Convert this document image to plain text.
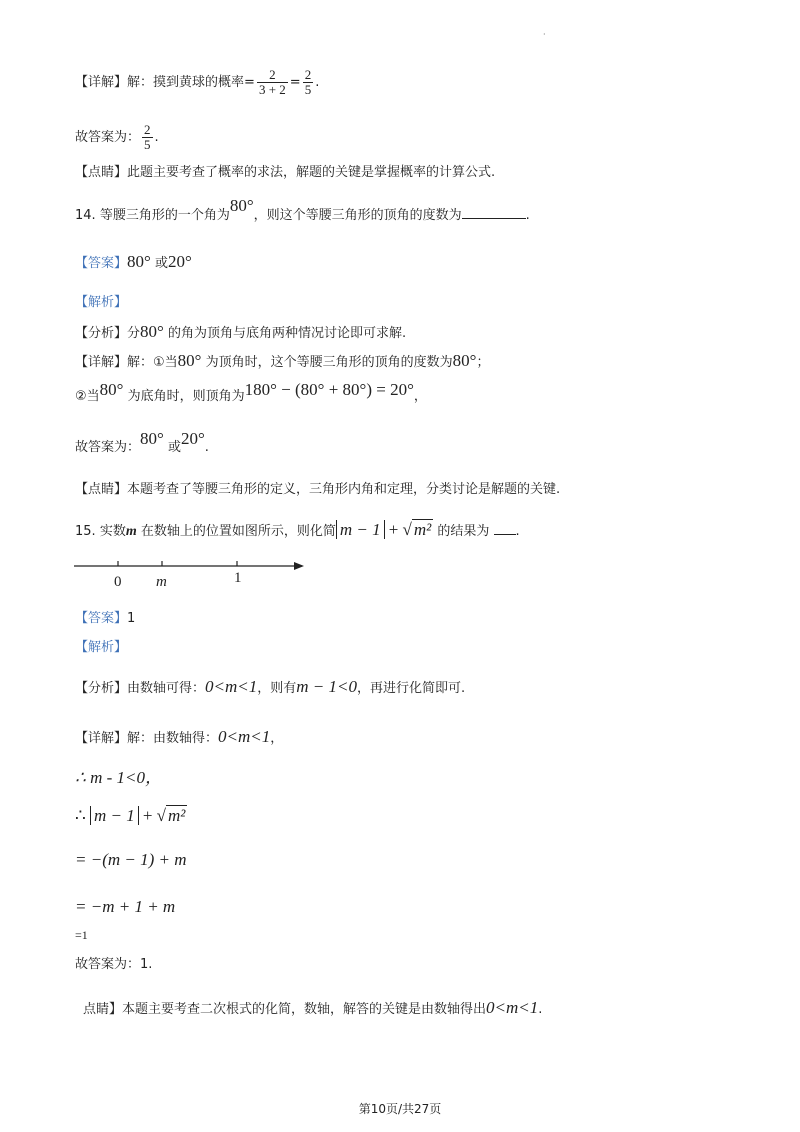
·
【详解】解：摸到黄球的概率= $\frac{2}{3 + 2} = \frac{2}{5}$ .
故答案为： $\frac{2}{5}$ .
【点睛】此题主要考查了概率的求法，解题的关键是掌握概率的计算公式.
14. 等腰三角形的一个角为80°，则这个等腰三角形的顶角的度数为	.
【答案】80° 或20°
【解析】
【分析】分80° 的角为顶角与底角两种情况讨论即可求解.
【详解】解：①当80° 为顶角时，这个等腰三角形的顶角的度数为80°；
②当80° 为底角时，则顶角为180° − (80° + 80°) = 20°，
故答案为：80° 或20°.
【点睛】本题考查了等腰三角形的定义，三角形内角和定理，分类讨论是解题的关键.
15. 实数m 在数轴上的位置如图所示，则化简 m − 1 + √ m² 的结果为 .
0 m	1
【答案】1
【解析】
【分析】由数轴可得：0<m<1，则有m − 1<0，再进行化简即可.
【详解】解：由数轴得：0<m<1，
∴ m - 1<0，
∴ m − 1 + √ m²
= −(m − 1) + m
= −m + 1 + m
=1
故答案为：1.
点睛】本题主要考查二次根式的化简，数轴，解答的关键是由数轴得出0<m<1.
第10页/共27页
